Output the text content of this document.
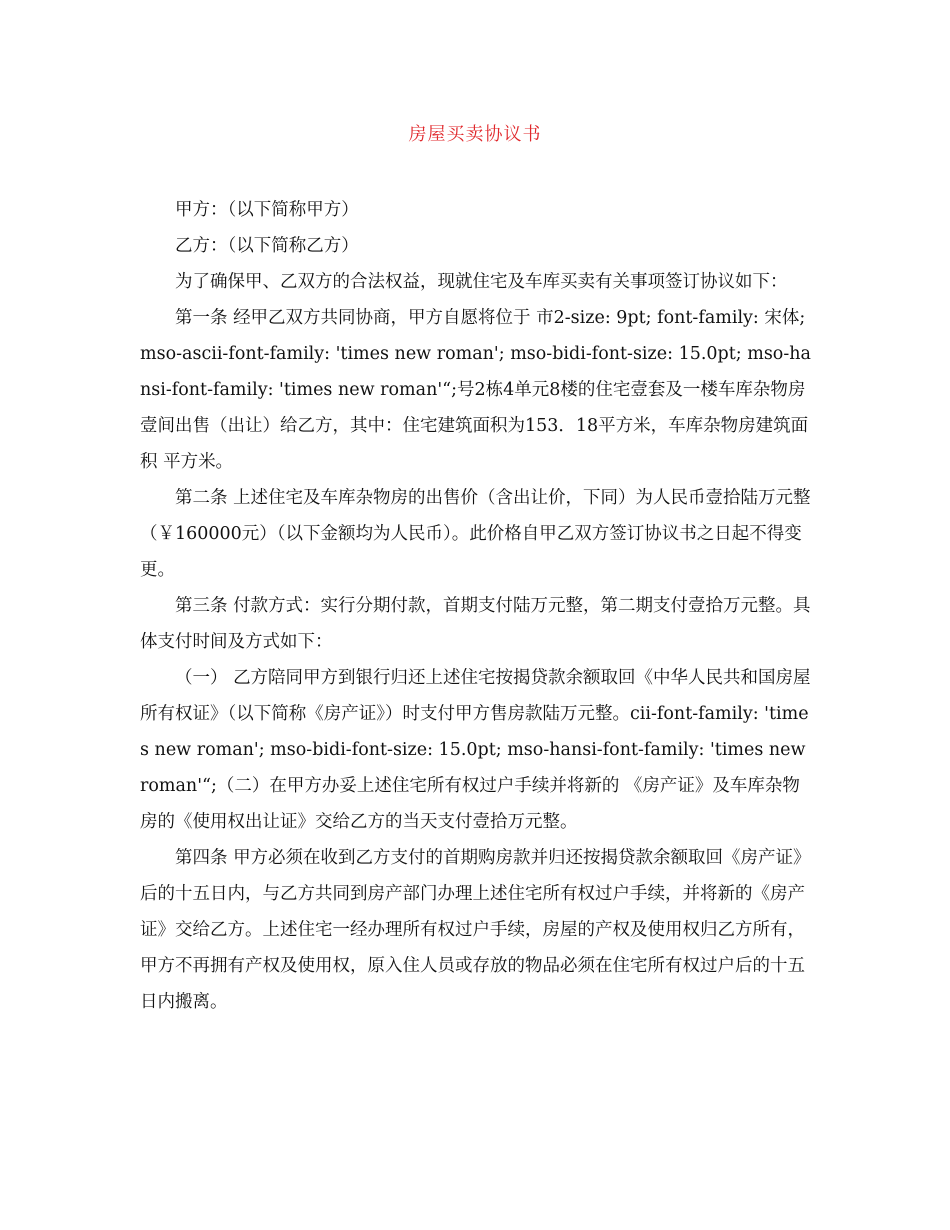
房屋买卖协议书

甲方：（以下简称甲方）

乙方：（以下简称乙方）

为了确保甲、乙双方的合法权益，现就住宅及车库买卖有关事项签订协议如下：

第一条 经甲乙双方共同协商，甲方自愿将位于 市2-size: 9pt; font-family: 宋体; mso-ascii-font-family: 'times new roman'; mso-bidi-font-size: 15.0pt; mso-hansi-font-family: 'times new roman'“;号2栋4单元8楼的住宅壹套及一楼车库杂物房壹间出售（出让）给乙方，其中：住宅建筑面积为153．18平方米，车库杂物房建筑面积 平方米。

第二条 上述住宅及车库杂物房的出售价（含出让价，下同）为人民币壹拾陆万元整（￥160000元）（以下金额均为人民币）。此价格自甲乙双方签订协议书之日起不得变更。

第三条 付款方式：实行分期付款，首期支付陆万元整，第二期支付壹拾万元整。具体支付时间及方式如下：

（一） 乙方陪同甲方到银行归还上述住宅按揭贷款余额取回《中华人民共和国房屋所有权证》（以下简称《房产证》）时支付甲方售房款陆万元整。cii-font-family: 'times new roman'; mso-bidi-font-size: 15.0pt; mso-hansi-font-family: 'times new roman'“;（二）在甲方办妥上述住宅所有权过户手续并将新的 《房产证》及车库杂物房的《使用权出让证》交给乙方的当天支付壹拾万元整。

第四条 甲方必须在收到乙方支付的首期购房款并归还按揭贷款余额取回《房产证》后的十五日内，与乙方共同到房产部门办理上述住宅所有权过户手续，并将新的《房产证》交给乙方。上述住宅一经办理所有权过户手续，房屋的产权及使用权归乙方所有，甲方不再拥有产权及使用权，原入住人员或存放的物品必须在住宅所有权过户后的十五日内搬离。
